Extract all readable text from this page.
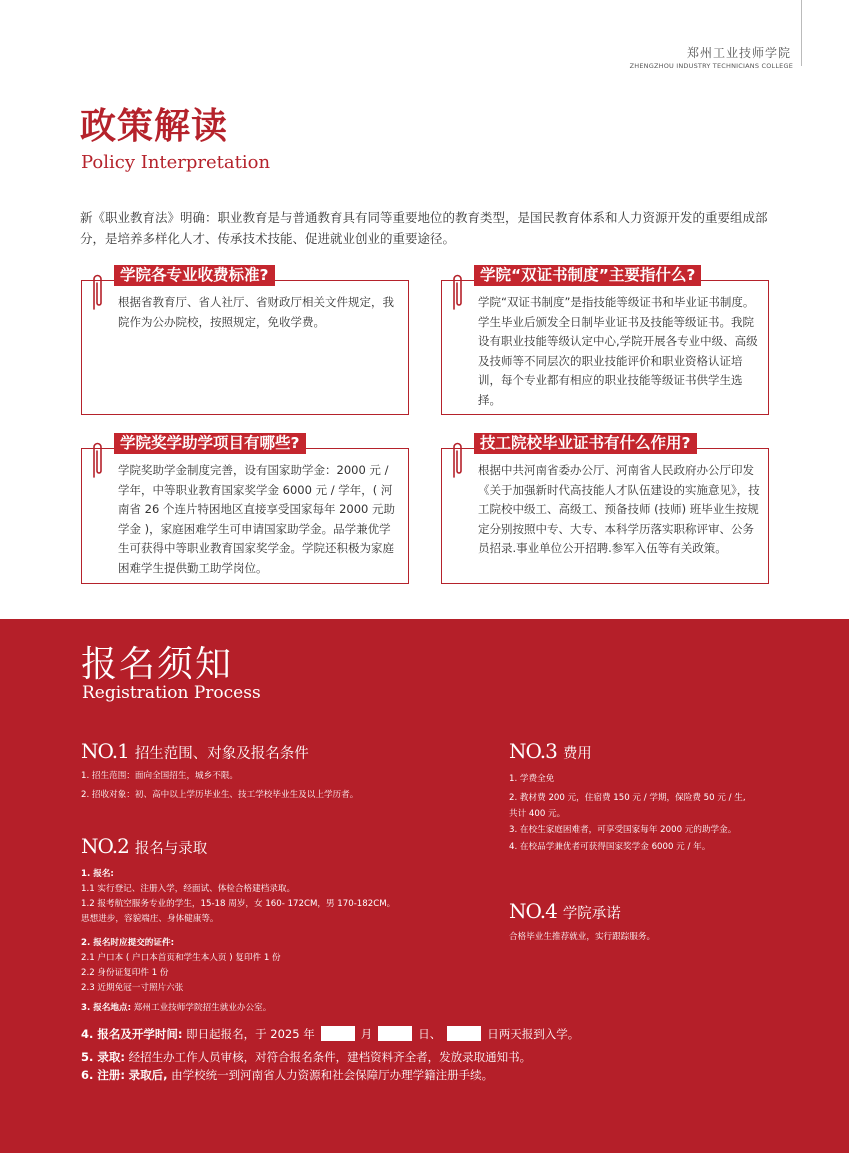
郑州工业技师学院
ZHENGZHOU INDUSTRY TECHNICIANS COLLEGE
政策解读
Policy Interpretation
新《职业教育法》明确：职业教育是与普通教育具有同等重要地位的教育类型，是国民教育体系和人力资源开发的重要组成部分，是培养多样化人才、传承技术技能、促进就业创业的重要途径。
学院各专业收费标准?
根据省教育厅、省人社厅、省财政厅相关文件规定，我院作为公办院校，按照规定，免收学费。
学院“双证书制度”主要指什么?
学院“双证书制度”是指技能等级证书和毕业证书制度。学生毕业后颁发全日制毕业证书及技能等级证书。我院设有职业技能等级认定中心,学院开展各专业中级、高级及技师等不同层次的职业技能评价和职业资格认证培训，每个专业都有相应的职业技能等级证书供学生选择。
学院奖学助学项目有哪些?
学院奖助学金制度完善，设有国家助学金：2000 元 / 学年，中等职业教育国家奖学金 6000 元 / 学年，( 河南省 26 个连片特困地区直接享受国家每年 2000 元助学金 )，家庭困难学生可申请国家助学金。品学兼优学生可获得中等职业教育国家奖学金。学院还积极为家庭困难学生提供勤工助学岗位。
技工院校毕业证书有什么作用?
根据中共河南省委办公厅、河南省人民政府办公厅印发《关于加强新时代高技能人才队伍建设的实施意见》，技工院校中级工、高级工、预备技师 (技师) 班毕业生按规定分别按照中专、大专、本科学历落实职称评审、公务员招录.事业单位公开招聘.参军入伍等有关政策。
报名须知
Registration Process
NO.1 招生范围、对象及报名条件
1. 招生范围：面向全国招生，城乡不限。
2. 招收对象：初、高中以上学历毕业生、技工学校毕业生及以上学历者。
NO.2 报名与录取
1. 报名:
1.1 实行登记、注册入学，经面试、体检合格建档录取。
1.2 报考航空服务专业的学生，15-18 周岁，女 160- 172CM，男 170-182CM。
思想进步，容貌端庄、身体健康等。
2. 报名时应提交的证件:
2.1 户口本 ( 户口本首页和学生本人页 ) 复印件 1 份
2.2 身份证复印件 1 份
2.3 近期免冠一寸照片六张
3. 报名地点: 郑州工业技师学院招生就业办公室。
4. 报名及开学时间: 即日起报名，于 2025 年	月	日、	日两天报到入学。
5. 录取: 经招生办工作人员审核，对符合报名条件，建档资料齐全者，发放录取通知书。
6. 注册: 录取后, 由学校统一到河南省人力资源和社会保障厅办理学籍注册手续。
NO.3 费用
1. 学费全免
2. 教材费 200 元，住宿费 150 元 / 学期，保险费 50 元 / 生,
共计 400 元。
3. 在校生家庭困难者，可享受国家每年 2000 元的助学金。
4. 在校品学兼优者可获得国家奖学金 6000 元 / 年。
NO.4 学院承诺
合格毕业生推荐就业，实行跟踪服务。
